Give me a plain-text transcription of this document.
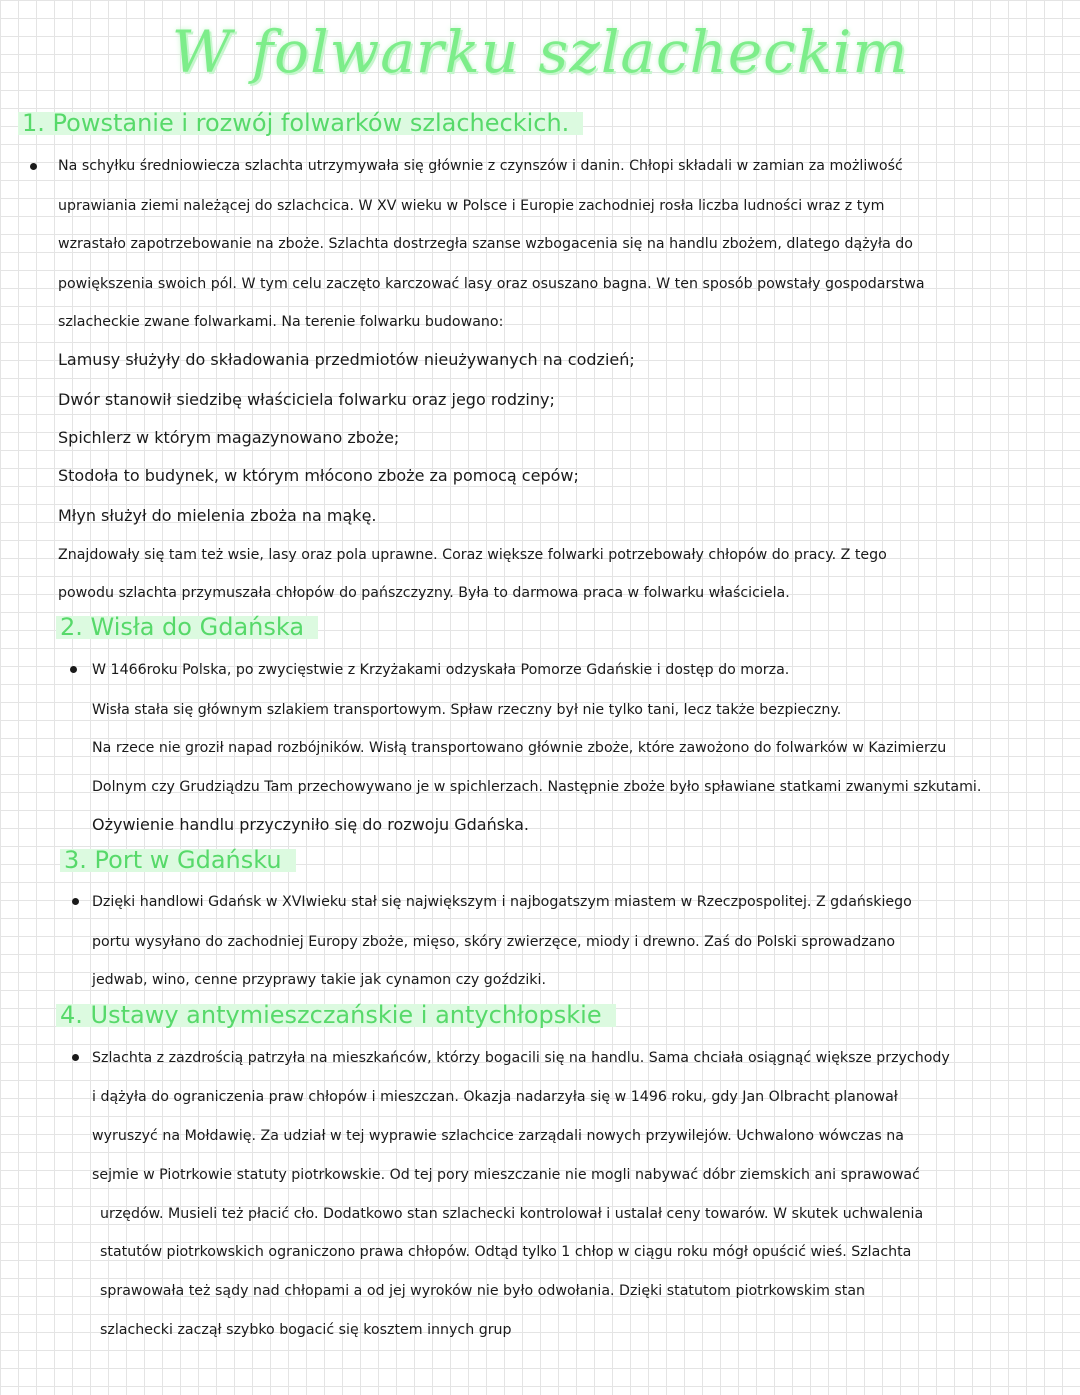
W folwarku szlacheckim
1. Powstanie i rozwój folwarków szlacheckich.
Na schyłku średniowiecza szlachta utrzymywała się głównie z czynszów i danin. Chłopi składali w zamian za możliwość
uprawiania ziemi należącej do szlachcica. W XV wieku w Polsce i Europie zachodniej rosła liczba ludności wraz z tym
wzrastało zapotrzebowanie na zboże. Szlachta dostrzegła szanse wzbogacenia się na handlu zbożem, dlatego dążyła do
powiększenia swoich pól. W tym celu zaczęto karczować lasy oraz osuszano bagna. W ten sposób powstały gospodarstwa
szlacheckie zwane folwarkami. Na terenie folwarku budowano:
Lamusy służyły do składowania przedmiotów nieużywanych na codzień;
Dwór stanowił siedzibę właściciela folwarku oraz jego rodziny;
Spichlerz w którym magazynowano zboże;
Stodoła to budynek, w którym młócono zboże za pomocą cepów;
Młyn służył do mielenia zboża na mąkę.
Znajdowały się tam też wsie, lasy oraz pola uprawne. Coraz większe folwarki potrzebowały chłopów do pracy. Z tego
powodu szlachta przymuszała chłopów do pańszczyzny. Była to darmowa praca w folwarku właściciela.
2. Wisła do Gdańska
W 1466roku Polska, po zwycięstwie z Krzyżakami odzyskała Pomorze Gdańskie i dostęp do morza.
Wisła stała się głównym szlakiem transportowym. Spław rzeczny był nie tylko tani, lecz także bezpieczny.
Na rzece nie groził napad rozbójników. Wisłą transportowano głównie zboże, które zawożono do folwarków w Kazimierzu
Dolnym czy Grudziądzu Tam przechowywano je w spichlerzach. Następnie zboże było spławiane statkami zwanymi szkutami.
Ożywienie handlu przyczyniło się do rozwoju Gdańska.
3. Port w Gdańsku
Dzięki handlowi Gdańsk w XVIwieku stał się największym i najbogatszym miastem w Rzeczpospolitej. Z gdańskiego
portu wysyłano do zachodniej Europy zboże, mięso, skóry zwierzęce, miody i drewno. Zaś do Polski sprowadzano
jedwab, wino, cenne przyprawy takie jak cynamon czy goździki.
4. Ustawy antymieszczańskie i antychłopskie
Szlachta z zazdrością patrzyła na mieszkańców, którzy bogacili się na handlu. Sama chciała osiągnąć większe przychody
i dążyła do ograniczenia praw chłopów i mieszczan. Okazja nadarzyła się w 1496 roku, gdy Jan Olbracht planował
wyruszyć na Mołdawię. Za udział w tej wyprawie szlachcice zarządali nowych przywilejów. Uchwalono wówczas na
sejmie w Piotrkowie statuty piotrkowskie. Od tej pory mieszczanie nie mogli nabywać dóbr ziemskich ani sprawować
urzędów. Musieli też płacić cło. Dodatkowo stan szlachecki kontrolował i ustalał ceny towarów. W skutek uchwalenia
statutów piotrkowskich ograniczono prawa chłopów. Odtąd tylko 1 chłop w ciągu roku mógł opuścić wieś. Szlachta
sprawowała też sądy nad chłopami a od jej wyroków nie było odwołania. Dzięki statutom piotrkowskim stan
szlachecki zaczął szybko bogacić się kosztem innych grup
